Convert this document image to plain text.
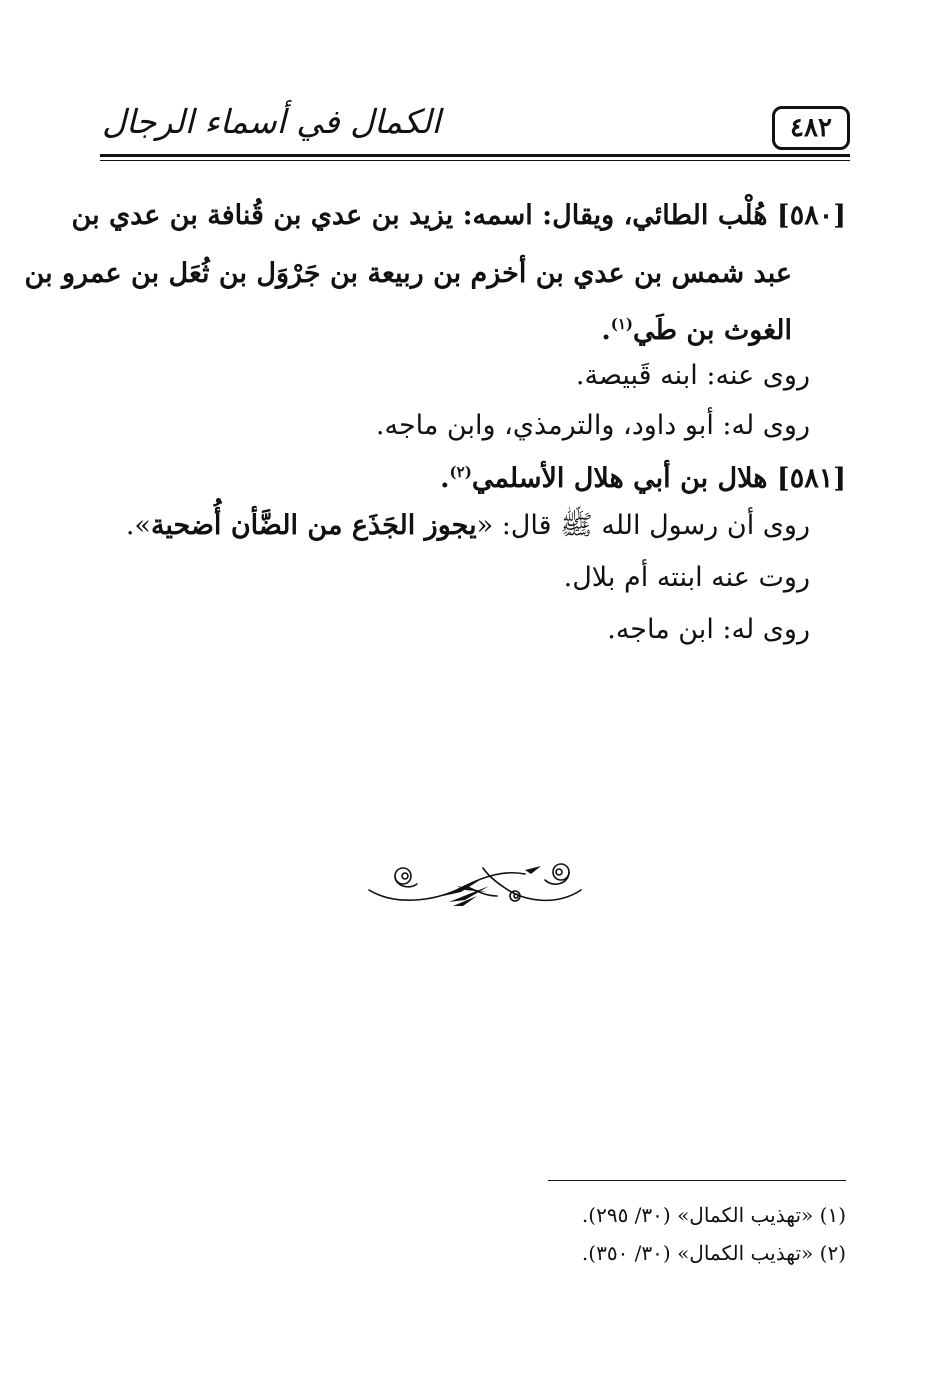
٤٨٢
الكمال في أسماء الرجال
[٥٨٠] هُلْب الطائي، ويقال: اسمه: يزيد بن عدي بن قُنافة بن عدي بن
عبد شمس بن عدي بن أخزم بن ربيعة بن جَرْوَل بن ثُعَل بن عمرو بن
الغوث بن طَي$^{(١)}$.
روى عنه: ابنه قَبيصة.
روى له: أبو داود، والترمذي، وابن ماجه.
[٥٨١] هلال بن أبي هلال الأسلمي$^{(٢)}$.
روى أن رسول الله ﷺ قال: «يجوز الجَذَع من الضَّأن أُضحية».
روت عنه ابنته أم بلال.
روى له: ابن ماجه.
(١) «تهذيب الكمال» (٣٠/ ٢٩٥).
(٢) «تهذيب الكمال» (٣٠/ ٣٥٠).
